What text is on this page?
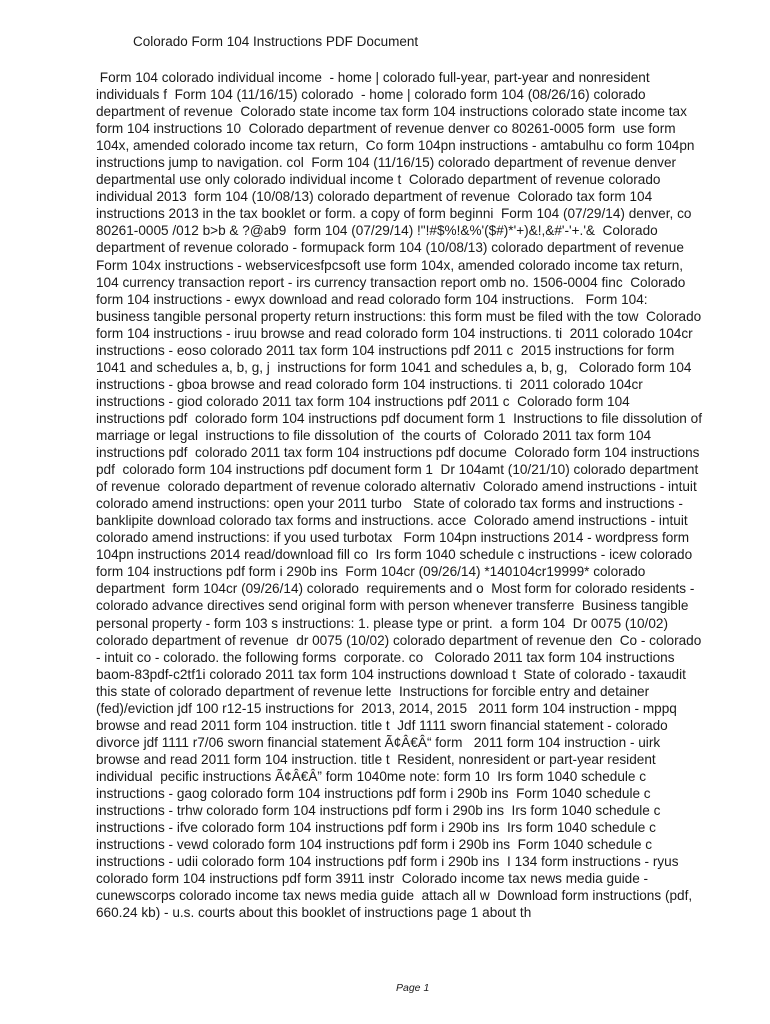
Colorado Form 104 Instructions PDF Document
Form 104 colorado individual income  - home | colorado full-year, part-year and nonresident
individuals f  Form 104 (11/16/15) colorado  - home | colorado form 104 (08/26/16) colorado
department of revenue  Colorado state income tax form 104 instructions colorado state income tax
form 104 instructions 10  Colorado department of revenue denver co 80261-0005 form  use form
104x, amended colorado income tax return,  Co form 104pn instructions - amtabulhu co form 104pn
instructions jump to navigation. col  Form 104 (11/16/15) colorado department of revenue denver
departmental use only colorado individual income t  Colorado department of revenue colorado
individual 2013  form 104 (10/08/13) colorado department of revenue  Colorado tax form 104
instructions 2013 in the tax booklet or form. a copy of form beginni  Form 104 (07/29/14) denver, co
80261-0005 /012 b>b & ?@ab9  form 104 (07/29/14) !"!#$%!&%'($#)*'+)&!,&#'-'+.'&  Colorado
department of revenue colorado - formupack form 104 (10/08/13) colorado department of revenue
Form 104x instructions - webservicesfpcsoft use form 104x, amended colorado income tax return,
104 currency transaction report - irs currency transaction report omb no. 1506-0004 finc  Colorado
form 104 instructions - ewyx download and read colorado form 104 instructions.   Form 104:
business tangible personal property return instructions: this form must be filed with the tow  Colorado
form 104 instructions - iruu browse and read colorado form 104 instructions. ti  2011 colorado 104cr
instructions - eoso colorado 2011 tax form 104 instructions pdf 2011 c  2015 instructions for form
1041 and schedules a, b, g, j  instructions for form 1041 and schedules a, b, g,   Colorado form 104
instructions - gboa browse and read colorado form 104 instructions. ti  2011 colorado 104cr
instructions - giod colorado 2011 tax form 104 instructions pdf 2011 c  Colorado form 104
instructions pdf  colorado form 104 instructions pdf document form 1  Instructions to file dissolution of
marriage or legal  instructions to file dissolution of  the courts of  Colorado 2011 tax form 104
instructions pdf  colorado 2011 tax form 104 instructions pdf docume  Colorado form 104 instructions
pdf  colorado form 104 instructions pdf document form 1  Dr 104amt (10/21/10) colorado department
of revenue  colorado department of revenue colorado alternativ  Colorado amend instructions - intuit
colorado amend instructions: open your 2011 turbo   State of colorado tax forms and instructions -
banklipite download colorado tax forms and instructions. acce  Colorado amend instructions - intuit
colorado amend instructions: if you used turbotax   Form 104pn instructions 2014 - wordpress form
104pn instructions 2014 read/download fill co  Irs form 1040 schedule c instructions - icew colorado
form 104 instructions pdf form i 290b ins  Form 104cr (09/26/14) *140104cr19999* colorado
department  form 104cr (09/26/14) colorado  requirements and o  Most form for colorado residents -
colorado advance directives send original form with person whenever transferre  Business tangible
personal property - form 103 s instructions: 1. please type or print.  a form 104  Dr 0075 (10/02)
colorado department of revenue  dr 0075 (10/02) colorado department of revenue den  Co - colorado
- intuit co - colorado. the following forms  corporate. co   Colorado 2011 tax form 104 instructions
baom-83pdf-c2tf1i colorado 2011 tax form 104 instructions download t  State of colorado - taxaudit
this state of colorado department of revenue lette  Instructions for forcible entry and detainer
(fed)/eviction jdf 100 r12-15 instructions for  2013, 2014, 2015   2011 form 104 instruction - mppq
browse and read 2011 form 104 instruction. title t  Jdf 1111 sworn financial statement - colorado
divorce jdf 1111 r7/06 sworn financial statement Ã¢Â€Â“ form   2011 form 104 instruction - uirk
browse and read 2011 form 104 instruction. title t  Resident, nonresident or part-year resident
individual  pecific instructions Ã¢Â€Â” form 1040me note: form 10  Irs form 1040 schedule c
instructions - gaog colorado form 104 instructions pdf form i 290b ins  Form 1040 schedule c
instructions - trhw colorado form 104 instructions pdf form i 290b ins  Irs form 1040 schedule c
instructions - ifve colorado form 104 instructions pdf form i 290b ins  Irs form 1040 schedule c
instructions - vewd colorado form 104 instructions pdf form i 290b ins  Form 1040 schedule c
instructions - udii colorado form 104 instructions pdf form i 290b ins  I 134 form instructions - ryus
colorado form 104 instructions pdf form 3911 instr  Colorado income tax news media guide -
cunewscorps colorado income tax news media guide  attach all w  Download form instructions (pdf,
660.24 kb) - u.s. courts about this booklet of instructions page 1 about th
Page 1
